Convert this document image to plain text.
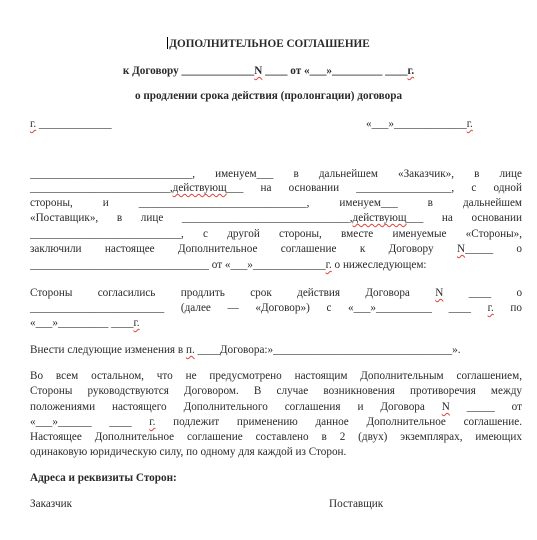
ДОПОЛНИТЕЛЬНОЕ СОГЛАШЕНИЕ
к Договору _____________N ____ от «___»_________ ____г.
о продлении срока действия (пролонгации) договора
г. _____________	«___»_____________г.
_____________________________, именуем___ в дальнейшем «Заказчик», в лице
_________________________,действующ___ на основании _________________, с одной
стороны, и ______________________________, именуем___ в дальнейшем
«Поставщик», в лице ______________________________,действующ___ на основании
___________________________, с другой стороны, вместе именуемые «Стороны»,
заключили настоящее Дополнительное соглашение к Договору N_____ о
________________________________ от «___»_____________г. о нижеследующем:
Стороны согласились продлить срок действия Договора N ____ о
________________________ (далее — «Договор») с «___»__________ ____ г. по
«___»_________ ____г.
Внести следующие изменения в п. ____Договора:»________________________________».
Во всем остальном, что не предусмотрено настоящим Дополнительным соглашением,
Стороны руководствуются Договором. В случае возникновения противоречия между
положениями настоящего Дополнительного соглашения и Договора N _____ от
«___»______ ____ г. подлежит применению данное Дополнительное соглашение.
Настоящее Дополнительное соглашение составлено в 2 (двух) экземплярах, имеющих
одинаковую юридическую силу, по одному для каждой из Сторон.
Адреса и реквизиты Сторон:
Заказчик	Поставщик
